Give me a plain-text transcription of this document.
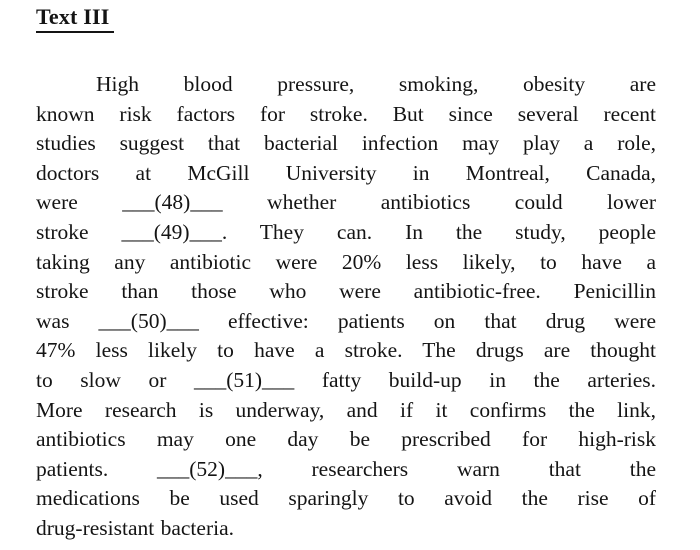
Text III
High blood pressure, smoking, obesity are
known risk factors for stroke. But since several recent
studies suggest that bacterial infection may play a role,
doctors at McGill University in Montreal, Canada,
were ___(48)___ whether antibiotics could lower
stroke ___(49)___. They can. In the study, people
taking any antibiotic were 20% less likely, to have a
stroke than those who were antibiotic-free. Penicillin
was ___(50)___ effective: patients on that drug were
47% less likely to have a stroke. The drugs are thought
to slow or ___(51)___ fatty build-up in the arteries.
More research is underway, and if it confirms the link,
antibiotics may one day be prescribed for high-risk
patients. ___(52)___, researchers warn that the
medications be used sparingly to avoid the rise of
drug-resistant bacteria.
